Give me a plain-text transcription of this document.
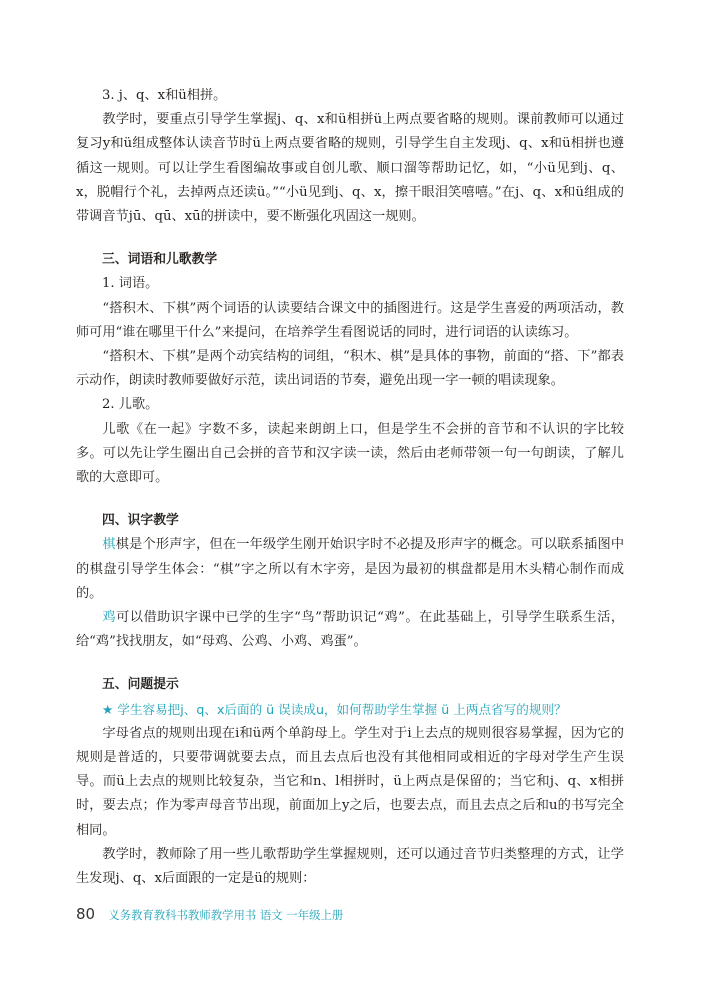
3. j、q、x和ü相拼。

教学时，要重点引导学生掌握j、q、x和ü相拼ü上两点要省略的规则。课前教师可以通过复习y和ü组成整体认读音节时ü上两点要省略的规则，引导学生自主发现j、q、x和ü相拼也遵循这一规则。可以让学生看图编故事或自创儿歌、顺口溜等帮助记忆，如，“小ü见到j、q、x，脱帽行个礼，去掉两点还读ü。”“小ü见到j、q、x，擦干眼泪笑嘻嘻。”在j、q、x和ü组成的带调音节jū、qū、xū的拼读中，要不断强化巩固这一规则。

三、词语和儿歌教学

1. 词语。

“搭积木、下棋”两个词语的认读要结合课文中的插图进行。这是学生喜爱的两项活动，教师可用“谁在哪里干什么”来提问，在培养学生看图说话的同时，进行词语的认读练习。

“搭积木、下棋”是两个动宾结构的词组，“积木、棋”是具体的事物，前面的“搭、下”都表示动作，朗读时教师要做好示范，读出词语的节奏，避免出现一字一顿的唱读现象。

2. 儿歌。

儿歌《在一起》字数不多，读起来朗朗上口，但是学生不会拼的音节和不认识的字比较多。可以先让学生圈出自己会拼的音节和汉字读一读，然后由老师带领一句一句朗读，了解儿歌的大意即可。

四、识字教学

棋棋是个形声字，但在一年级学生刚开始识字时不必提及形声字的概念。可以联系插图中的棋盘引导学生体会：“棋”字之所以有木字旁，是因为最初的棋盘都是用木头精心制作而成的。

鸡可以借助识字课中已学的生字“鸟”帮助识记“鸡”。在此基础上，引导学生联系生活，给“鸡”找找朋友，如“母鸡、公鸡、小鸡、鸡蛋”。

五、问题提示

★ 学生容易把j、q、x后面的 ü 误读成u，如何帮助学生掌握 ü 上两点省写的规则？

字母省点的规则出现在i和ü两个单韵母上。学生对于i上去点的规则很容易掌握，因为它的规则是普适的，只要带调就要去点，而且去点后也没有其他相同或相近的字母对学生产生误导。而ü上去点的规则比较复杂，当它和n、l相拼时，ü上两点是保留的；当它和j、q、x相拼时，要去点；作为零声母音节出现，前面加上y之后，也要去点，而且去点之后和u的书写完全相同。

教学时，教师除了用一些儿歌帮助学生掌握规则，还可以通过音节归类整理的方式，让学生发现j、q、x后面跟的一定是ü的规则：

80 义务教育教科书教师教学用书 语文 一年级上册
